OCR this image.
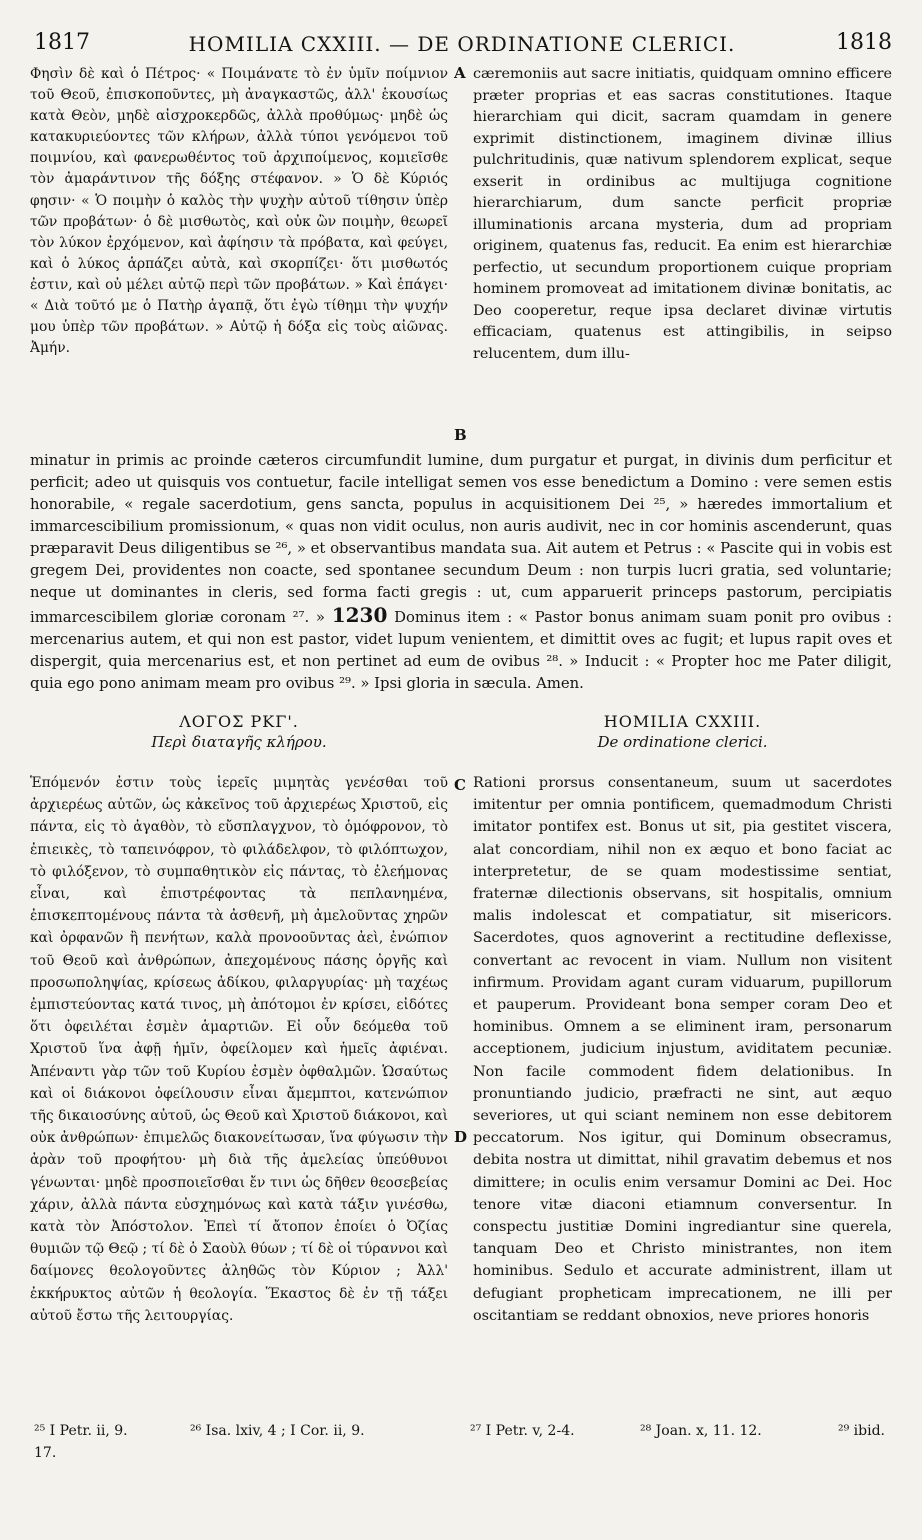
1817	HOMILIA CXXIII. — DE ORDINATIONE CLERICI.	1818

Φησὶν δὲ καὶ ὁ Πέτρος· « Ποιμάνατε τὸ ἐν ὑμῖν ποίμνιον τοῦ Θεοῦ, ἐπισκοποῦντες, μὴ ἀναγκαστῶς, ἀλλ' ἑκουσίως κατὰ Θεὸν, μηδὲ αἰσχροκερδῶς, ἀλλὰ προθύμως· μηδὲ ὡς κατακυριεύοντες τῶν κλήρων, ἀλλὰ τύποι γενόμενοι τοῦ ποιμνίου, καὶ φανερωθέντος τοῦ ἀρχιποίμενος, κομιεῖσθε τὸν ἀμαράντινον τῆς δόξης στέφανον. » Ὁ δὲ Κύριός φησιν· « Ὁ ποιμὴν ὁ καλὸς τὴν ψυχὴν αὐτοῦ τίθησιν ὑπὲρ τῶν προβάτων· ὁ δὲ μισθωτὸς, καὶ οὐκ ὢν ποιμὴν, θεωρεῖ τὸν λύκον ἐρχόμενον, καὶ ἀφίησιν τὰ πρόβατα, καὶ φεύγει, καὶ ὁ λύκος ἁρπάζει αὐτὰ, καὶ σκορπίζει· ὅτι μισθωτός ἐστιν, καὶ οὐ μέλει αὐτῷ περὶ τῶν προβάτων. » Καὶ ἐπάγει· « Διὰ τοῦτό με ὁ Πατὴρ ἀγαπᾷ, ὅτι ἐγὼ τίθημι τὴν ψυχήν μου ὑπὲρ τῶν προβάτων. » Αὐτῷ ἡ δόξα εἰς τοὺς αἰῶνας. Ἀμήν.

A
B

cæremoniis aut sacre initiatis, quidquam omnino efficere præter proprias et eas sacras constitutiones. Itaque hierarchiam qui dicit, sacram quamdam in genere exprimit distinctionem, imaginem divinæ illius pulchritudinis, quæ nativum splendorem explicat, seque exserit in ordinibus ac multijuga cognitione hierarchiarum, dum sancte perficit propriæ illuminationis arcana mysteria, dum ad propriam originem, quatenus fas, reducit. Ea enim est hierarchiæ perfectio, ut secundum proportionem cuique propriam hominem promoveat ad imitationem divinæ bonitatis, ac Deo cooperetur, reque ipsa declaret divinæ virtutis efficaciam, quatenus est attingibilis, in seipso relucentem, dum illu-

minatur in primis ac proinde cæteros circumfundit lumine, dum purgatur et purgat, in divinis dum perficitur et perficit; adeo ut quisquis vos contuetur, facile intelligat semen vos esse benedictum a Domino : vere semen estis honorabile, « regale sacerdotium, gens sancta, populus in acquisitionem Dei ²⁵, » hæredes immortalium et immarcescibilium promissionum, « quas non vidit oculus, non auris audivit, nec in cor hominis ascenderunt, quas præparavit Deus diligentibus se ²⁶, » et observantibus mandata sua. Ait autem et Petrus : « Pascite qui in vobis est gregem Dei, providentes non coacte, sed spontanee secundum Deum : non turpis lucri gratia, sed voluntarie; neque ut dominantes in cleris, sed forma facti gregis : ut, cum apparuerit princeps pastorum, percipiatis immarcescibilem gloriæ coronam ²⁷. » 1230 Dominus item : « Pastor bonus animam suam ponit pro ovibus : mercenarius autem, et qui non est pastor, videt lupum venientem, et dimittit oves ac fugit; et lupus rapit oves et dispergit, quia mercenarius est, et non pertinet ad eum de ovibus ²⁸. » Inducit : « Propter hoc me Pater diligit, quia ego pono animam meam pro ovibus ²⁹. » Ipsi gloria in sæcula. Amen.

ΛΟΓΟΣ ΡΚΓ'.
Περὶ διαταγῆς κλήρου.
HOMILIA CXXIII.
De ordinatione clerici.

Ἑπόμενόν ἐστιν τοὺς ἱερεῖς μιμητὰς γενέσθαι τοῦ ἀρχιερέως αὐτῶν, ὡς κἀκεῖνος τοῦ ἀρχιερέως Χριστοῦ, εἰς πάντα, εἰς τὸ ἀγαθὸν, τὸ εὔσπλαγχνον, τὸ ὁμόφρονον, τὸ ἐπιεικὲς, τὸ ταπεινόφρον, τὸ φιλάδελφον, τὸ φιλόπτωχον, τὸ φιλόξενον, τὸ συμπαθητικὸν εἰς πάντας, τὸ ἐλεήμονας εἶναι, καὶ ἐπιστρέφοντας τὰ πεπλανημένα, ἐπισκεπτομένους πάντα τὰ ἀσθενῆ, μὴ ἀμελοῦντας χηρῶν καὶ ὀρφανῶν ἢ πενήτων, καλὰ προνοοῦντας ἀεὶ, ἐνώπιον τοῦ Θεοῦ καὶ ἀνθρώπων, ἀπεχομένους πάσης ὀργῆς καὶ προσωποληψίας, κρίσεως ἀδίκου, φιλαργυρίας· μὴ ταχέως ἐμπιστεύοντας κατά τινος, μὴ ἀπότομοι ἐν κρίσει, εἰδότες ὅτι ὀφειλέται ἐσμὲν ἁμαρτιῶν. Εἰ οὖν δεόμεθα τοῦ Χριστοῦ ἵνα ἀφῇ ἡμῖν, ὀφείλομεν καὶ ἡμεῖς ἀφιέναι. Ἀπέναντι γὰρ τῶν τοῦ Κυρίου ἐσμὲν ὀφθαλμῶν. Ὡσαύτως καὶ οἱ διάκονοι ὀφείλουσιν εἶναι ἄμεμπτοι, κατενώπιον τῆς δικαιοσύνης αὐτοῦ, ὡς Θεοῦ καὶ Χριστοῦ διάκονοι, καὶ οὐκ ἀνθρώπων· ἐπιμελῶς διακονείτωσαν, ἵνα φύγωσιν τὴν ἀρὰν τοῦ προφήτου· μὴ διὰ τῆς ἀμελείας ὑπεύθυνοι γένωνται· μηδὲ προσποιεῖσθαι ἔν τινι ὡς δῆθεν θεοσεβείας χάριν, ἀλλὰ πάντα εὐσχημόνως καὶ κατὰ τάξιν γινέσθω, κατὰ τὸν Ἀπόστολον. Ἐπεὶ τί ἄτοπον ἐποίει ὁ Ὀζίας θυμιῶν τῷ Θεῷ ; τί δὲ ὁ Σαοὺλ θύων ; τί δὲ οἱ τύραννοι καὶ δαίμονες θεολογοῦντες ἀληθῶς τὸν Κύριον ; Ἀλλ' ἐκκήρυκτος αὐτῶν ἡ θεολογία. Ἕκαστος δὲ ἐν τῇ τάξει αὐτοῦ ἔστω τῆς λειτουργίας.

C
D

Rationi prorsus consentaneum, suum ut sacerdotes imitentur per omnia pontificem, quemadmodum Christi imitator pontifex est. Bonus ut sit, pia gestitet viscera, alat concordiam, nihil non ex æquo et bono faciat ac interpretetur, de se quam modestissime sentiat, fraternæ dilectionis observans, sit hospitalis, omnium malis indolescat et compatiatur, sit misericors. Sacerdotes, quos agnoverint a rectitudine deflexisse, convertant ac revocent in viam. Nullum non visitent infirmum. Providam agant curam viduarum, pupillorum et pauperum. Provideant bona semper coram Deo et hominibus. Omnem a se eliminent iram, personarum acceptionem, judicium injustum, aviditatem pecuniæ. Non facile commodent fidem delationibus. In pronuntiando judicio, præfracti ne sint, aut æquo severiores, ut qui sciant neminem non esse debitorem peccatorum. Nos igitur, qui Dominum obsecramus, debita nostra ut dimittat, nihil gravatim debemus et nos dimittere; in oculis enim versamur Domini ac Dei. Hoc tenore vitæ diaconi etiamnum conversentur. In conspectu justitiæ Domini ingrediantur sine querela, tanquam Deo et Christo ministrantes, non item hominibus. Sedulo et accurate administrent, illam ut defugiant propheticam imprecationem, ne illi per oscitantiam se reddant obnoxios, neve priores honoris

²⁵ I Petr. ii, 9.	²⁶ Isa. lxiv, 4 ; I Cor. ii, 9.	²⁷ I Petr. v, 2-4.	²⁸ Joan. x, 11. 12.	²⁹ ibid.
17.
